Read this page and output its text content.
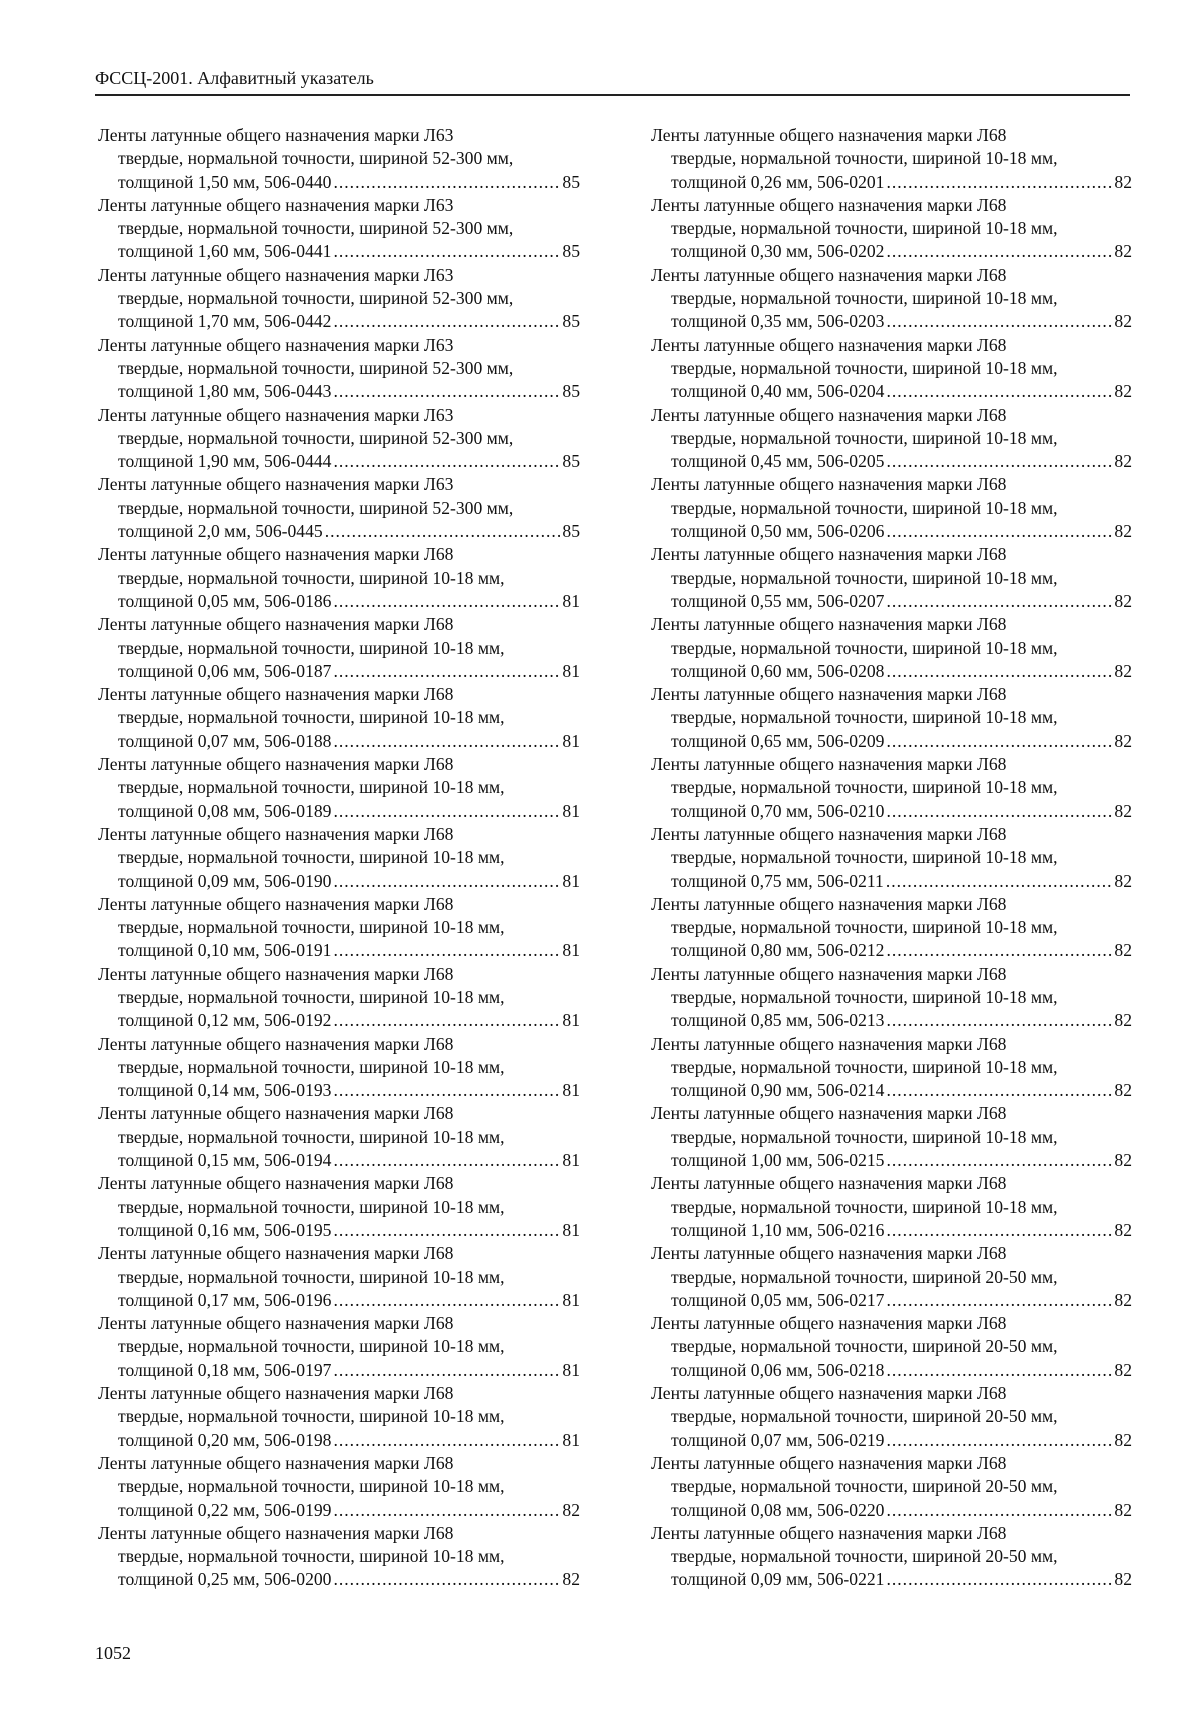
ФССЦ-2001. Алфавитный указатель
Ленты латунные общего назначения марки Л63
твердые, нормальной точности, шириной 52-300 мм,
толщиной 1,50 мм, 506-0440 .....	85
Ленты латунные общего назначения марки Л63
твердые, нормальной точности, шириной 52-300 мм,
толщиной 1,60 мм, 506-0441 .....	85
Ленты латунные общего назначения марки Л63
твердые, нормальной точности, шириной 52-300 мм,
толщиной 1,70 мм, 506-0442 .....	85
Ленты латунные общего назначения марки Л63
твердые, нормальной точности, шириной 52-300 мм,
толщиной 1,80 мм, 506-0443 .....	85
Ленты латунные общего назначения марки Л63
твердые, нормальной точности, шириной 52-300 мм,
толщиной 1,90 мм, 506-0444 .....	85
Ленты латунные общего назначения марки Л63
твердые, нормальной точности, шириной 52-300 мм,
толщиной 2,0 мм, 506-0445 .....	85
Ленты латунные общего назначения марки Л68
твердые, нормальной точности, шириной 10-18 мм,
толщиной 0,05 мм, 506-0186 .....	81
Ленты латунные общего назначения марки Л68
твердые, нормальной точности, шириной 10-18 мм,
толщиной 0,06 мм, 506-0187 .....	81
Ленты латунные общего назначения марки Л68
твердые, нормальной точности, шириной 10-18 мм,
толщиной 0,07 мм, 506-0188 .....	81
Ленты латунные общего назначения марки Л68
твердые, нормальной точности, шириной 10-18 мм,
толщиной 0,08 мм, 506-0189 .....	81
Ленты латунные общего назначения марки Л68
твердые, нормальной точности, шириной 10-18 мм,
толщиной 0,09 мм, 506-0190 .....	81
Ленты латунные общего назначения марки Л68
твердые, нормальной точности, шириной 10-18 мм,
толщиной 0,10 мм, 506-0191 .....	81
Ленты латунные общего назначения марки Л68
твердые, нормальной точности, шириной 10-18 мм,
толщиной 0,12 мм, 506-0192 .....	81
Ленты латунные общего назначения марки Л68
твердые, нормальной точности, шириной 10-18 мм,
толщиной 0,14 мм, 506-0193 .....	81
Ленты латунные общего назначения марки Л68
твердые, нормальной точности, шириной 10-18 мм,
толщиной 0,15 мм, 506-0194 .....	81
Ленты латунные общего назначения марки Л68
твердые, нормальной точности, шириной 10-18 мм,
толщиной 0,16 мм, 506-0195 .....	81
Ленты латунные общего назначения марки Л68
твердые, нормальной точности, шириной 10-18 мм,
толщиной 0,17 мм, 506-0196 .....	81
Ленты латунные общего назначения марки Л68
твердые, нормальной точности, шириной 10-18 мм,
толщиной 0,18 мм, 506-0197 .....	81
Ленты латунные общего назначения марки Л68
твердые, нормальной точности, шириной 10-18 мм,
толщиной 0,20 мм, 506-0198 .....	81
Ленты латунные общего назначения марки Л68
твердые, нормальной точности, шириной 10-18 мм,
толщиной 0,22 мм, 506-0199 .....	82
Ленты латунные общего назначения марки Л68
твердые, нормальной точности, шириной 10-18 мм,
толщиной 0,25 мм, 506-0200 .....	82
Ленты латунные общего назначения марки Л68
твердые, нормальной точности, шириной 10-18 мм,
толщиной 0,26 мм, 506-0201 .....	82
Ленты латунные общего назначения марки Л68
твердые, нормальной точности, шириной 10-18 мм,
толщиной 0,30 мм, 506-0202 .....	82
Ленты латунные общего назначения марки Л68
твердые, нормальной точности, шириной 10-18 мм,
толщиной 0,35 мм, 506-0203 .....	82
Ленты латунные общего назначения марки Л68
твердые, нормальной точности, шириной 10-18 мм,
толщиной 0,40 мм, 506-0204 .....	82
Ленты латунные общего назначения марки Л68
твердые, нормальной точности, шириной 10-18 мм,
толщиной 0,45 мм, 506-0205 .....	82
Ленты латунные общего назначения марки Л68
твердые, нормальной точности, шириной 10-18 мм,
толщиной 0,50 мм, 506-0206 .....	82
Ленты латунные общего назначения марки Л68
твердые, нормальной точности, шириной 10-18 мм,
толщиной 0,55 мм, 506-0207 .....	82
Ленты латунные общего назначения марки Л68
твердые, нормальной точности, шириной 10-18 мм,
толщиной 0,60 мм, 506-0208 .....	82
Ленты латунные общего назначения марки Л68
твердые, нормальной точности, шириной 10-18 мм,
толщиной 0,65 мм, 506-0209 .....	82
Ленты латунные общего назначения марки Л68
твердые, нормальной точности, шириной 10-18 мм,
толщиной 0,70 мм, 506-0210 .....	82
Ленты латунные общего назначения марки Л68
твердые, нормальной точности, шириной 10-18 мм,
толщиной 0,75 мм, 506-0211 .....	82
Ленты латунные общего назначения марки Л68
твердые, нормальной точности, шириной 10-18 мм,
толщиной 0,80 мм, 506-0212 .....	82
Ленты латунные общего назначения марки Л68
твердые, нормальной точности, шириной 10-18 мм,
толщиной 0,85 мм, 506-0213 .....	82
Ленты латунные общего назначения марки Л68
твердые, нормальной точности, шириной 10-18 мм,
толщиной 0,90 мм, 506-0214 .....	82
Ленты латунные общего назначения марки Л68
твердые, нормальной точности, шириной 10-18 мм,
толщиной 1,00 мм, 506-0215 .....	82
Ленты латунные общего назначения марки Л68
твердые, нормальной точности, шириной 10-18 мм,
толщиной 1,10 мм, 506-0216 .....	82
Ленты латунные общего назначения марки Л68
твердые, нормальной точности, шириной 20-50 мм,
толщиной 0,05 мм, 506-0217 .....	82
Ленты латунные общего назначения марки Л68
твердые, нормальной точности, шириной 20-50 мм,
толщиной 0,06 мм, 506-0218 .....	82
Ленты латунные общего назначения марки Л68
твердые, нормальной точности, шириной 20-50 мм,
толщиной 0,07 мм, 506-0219 .....	82
Ленты латунные общего назначения марки Л68
твердые, нормальной точности, шириной 20-50 мм,
толщиной 0,08 мм, 506-0220 .....	82
Ленты латунные общего назначения марки Л68
твердые, нормальной точности, шириной 20-50 мм,
толщиной 0,09 мм, 506-0221 .....	82
1052
